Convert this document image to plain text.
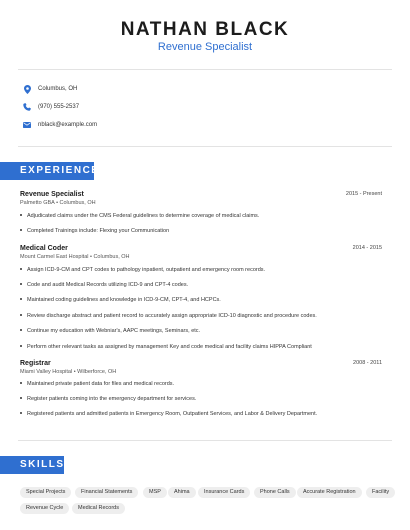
NATHAN BLACK
Revenue Specialist
Columbus, OH
(970) 555-2537
nblack@example.com
EXPERIENCE
Revenue Specialist	2015 - Present
Palmetto GBA • Columbus, OH
Adjudicated claims under the CMS Federal guidelines to determine coverage of medical claims.
Completed Trainings include: Flexing your Communication
Medical Coder	2014 - 2015
Mount Carmel East Hospital • Columbus, OH
Assign ICD-9-CM and CPT codes to pathology inpatient, outpatient and emergency room records.
Code and audit Medical Records utilizing ICD-9 and CPT-4 codes.
Maintained coding guidelines and knowledge in ICD-9-CM, CPT-4, and HCPCs.
Review discharge abstract and patient record to accurately assign appropriate ICD-10 diagnostic and procedure codes.
Continue my education with Webniar's, AAPC meetings, Seminars, etc.
Perform other relevant tasks as assigned by management Key and code medical and facility claims HIPPA Compliant
Registrar	2008 - 2011
Miami Valley Hospital • Wilberforce, OH
Maintained private patient data for files and medical records.
Register patients coming into the emergency department for services.
Registered patients and admitted patients in Emergency Room, Outpatient Services, and Labor & Delivery Department.
SKILLS
Special Projects	Financial Statements	MSP	Ahima	Insurance Cards	Phone Calls	Accurate Registration	Facility
Revenue Cycle	Medical Records
